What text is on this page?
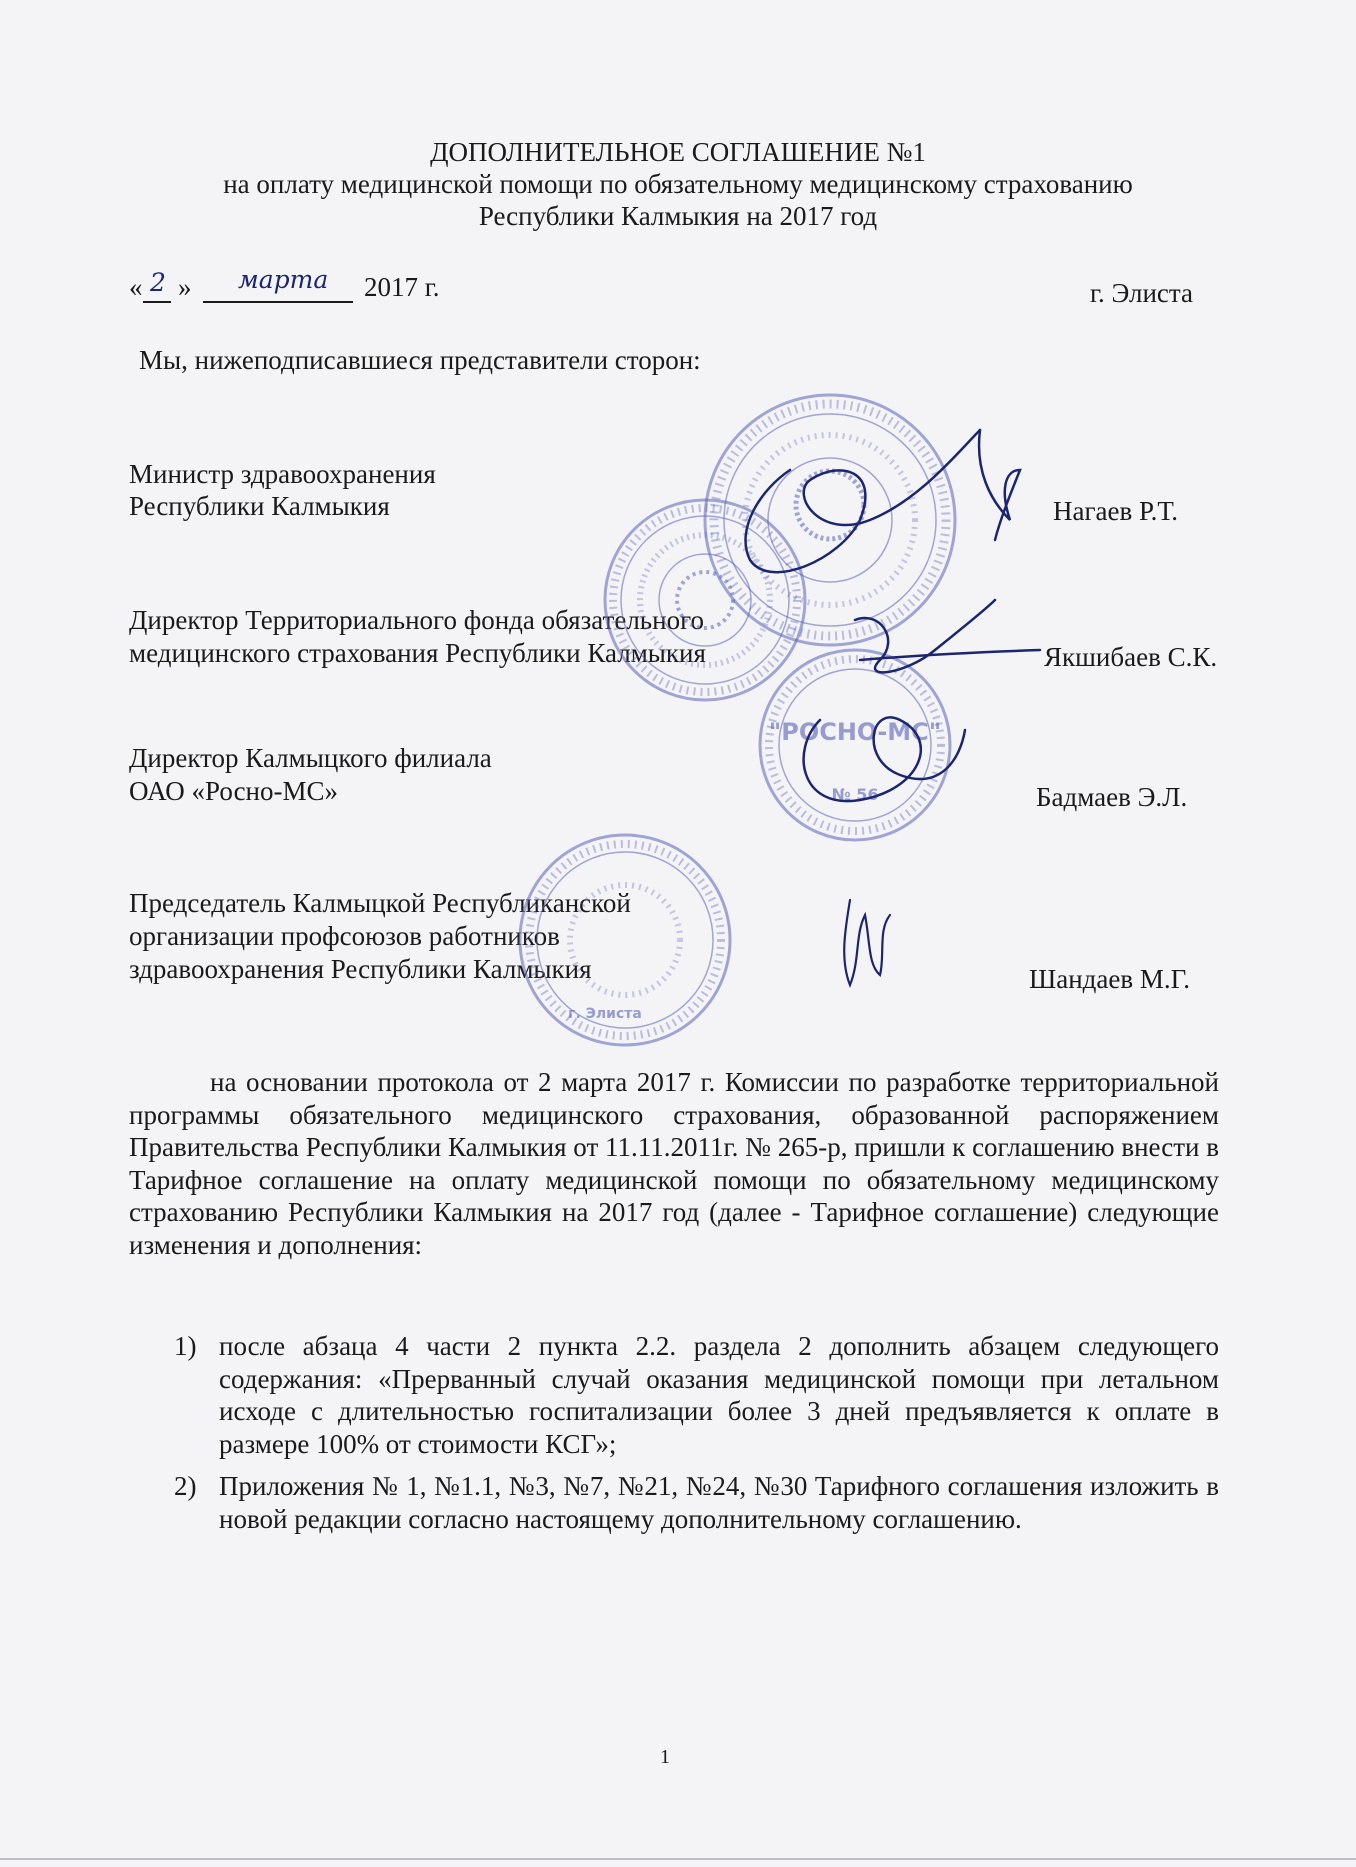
ДОПОЛНИТЕЛЬНОЕ СОГЛАШЕНИЕ №1
на оплату медицинской помощи по обязательному медицинскому страхованию
Республики Калмыкия на 2017 год
« 2 » марта 2017 г.	г. Элиста
Мы, нижеподписавшиеся представители сторон:
Министр здравоохранения
Республики Калмыкия	Нагаев Р.Т.
Директор Территориального фонда обязательного
медицинского страхования Республики Калмыкия	Якшибаев С.К.
Директор Калмыцкого филиала
ОАО «Росно-МС»	Бадмаев Э.Л.
Председатель Калмыцкой Республиканской
организации профсоюзов работников
здравоохранения Республики Калмыкия	Шандаев М.Г.
на основании протокола от 2 марта 2017 г. Комиссии по разработке территориальной программы обязательного медицинского страхования, образованной распоряжением Правительства Республики Калмыкия от 11.11.2011г. № 265-р, пришли к соглашению внести в Тарифное соглашение на оплату медицинской помощи по обязательному медицинскому страхованию Республики Калмыкия на 2017 год (далее - Тарифное соглашение) следующие изменения и дополнения:
1) после абзаца 4 части 2 пункта 2.2. раздела 2 дополнить абзацем следующего содержания: «Прерванный случай оказания медицинской помощи при летальном исходе с длительностью госпитализации более 3 дней предъявляется к оплате в размере 100% от стоимости КСГ»;
2) Приложения № 1, №1.1, №3, №7, №21, №24, №30 Тарифного соглашения изложить в новой редакции согласно настоящему дополнительному соглашению.
1
"РОСНО-МС"
№ 56
г. Элиста
